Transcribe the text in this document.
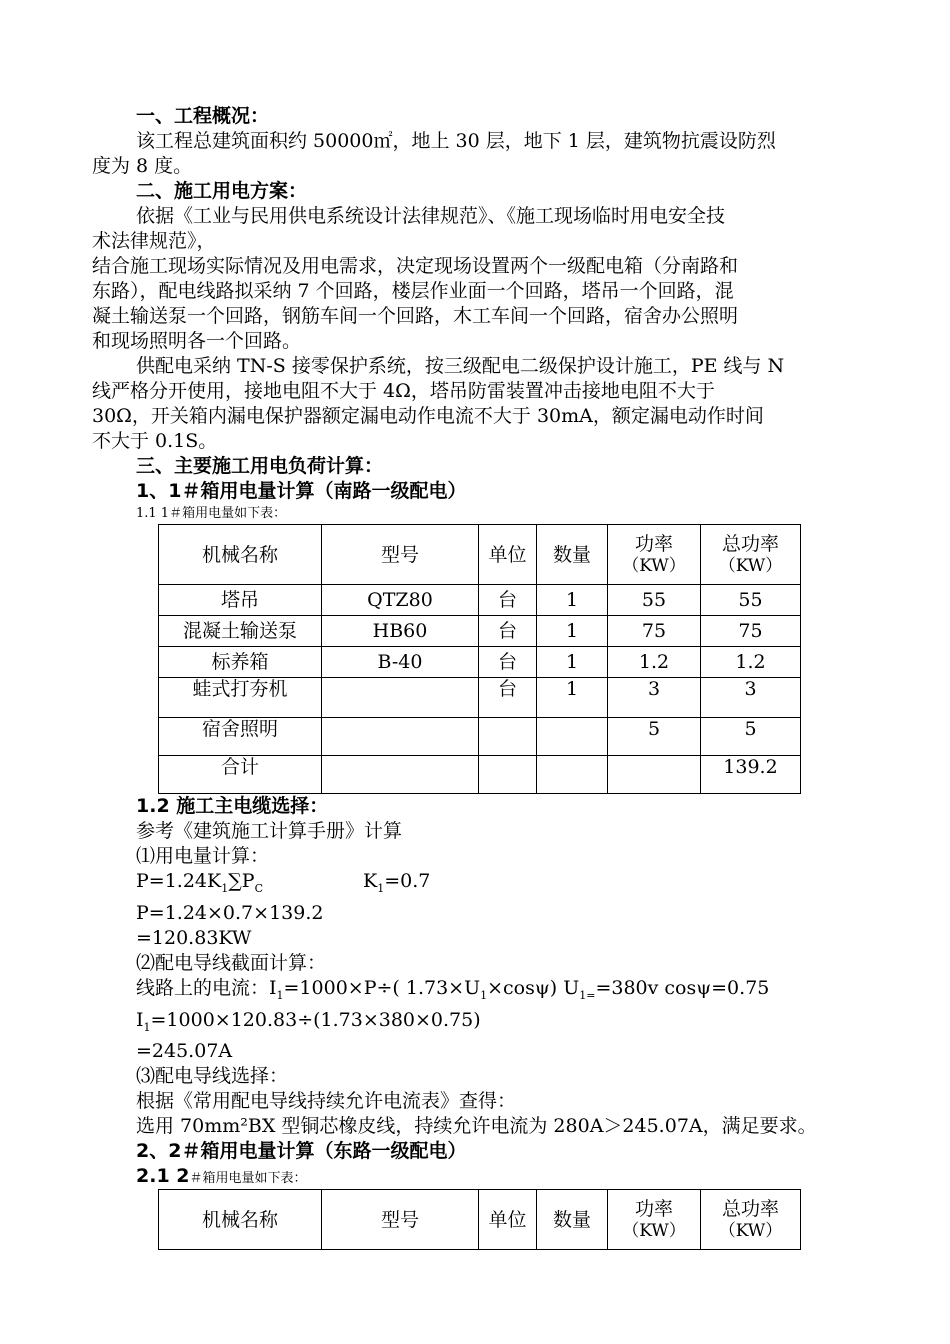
一、工程概况：
该工程总建筑面积约 50000㎡，地上 30 层，地下 1 层，建筑物抗震设防烈
度为 8 度。
二、施工用电方案：
依据《工业与民用供电系统设计法律规范》、《施工现场临时用电安全技
术法律规范》，
结合施工现场实际情况及用电需求，决定现场设置两个一级配电箱（分南路和
东路），配电线路拟采纳 7 个回路，楼层作业面一个回路，塔吊一个回路，混
凝土输送泵一个回路，钢筋车间一个回路，木工车间一个回路，宿舍办公照明
和现场照明各一个回路。
供配电采纳 TN-S 接零保护系统，按三级配电二级保护设计施工，PE 线与 N
线严格分开使用，接地电阻不大于 4Ω，塔吊防雷装置冲击接地电阻不大于
30Ω，开关箱内漏电保护器额定漏电动作电流不大于 30mA，额定漏电动作时间
不大于 0.1S。
三、主要施工用电负荷计算：
1、1＃箱用电量计算（南路一级配电）
1.1 1＃箱用电量如下表：
机械名称	型号	单位	数量	功率
（KW）	总功率
（KW）

塔吊	QTZ80	台	1	55	55
混凝土输送泵	HB60	台	1	75	75
标养箱	B-40	台	1	1.2	1.2
蛙式打夯机		台	1	3	3
宿舍照明				5	5
合计					139.2
1.2 施工主电缆选择：
参考《建筑施工计算手册》计算
⑴用电量计算：
$P=1.24K_1\sum P_C$	$K_1=0.7$
P=1.24×0.7×139.2
=120.83KW
⑵配电导线截面计算：
线路上的电流：$I_1=1000\times P\div$( $1.73\times U_1\times\cos\psi$) $U_{1=}=380v$ cosψ=0.75
$I_1=1000\times 120.83\div(1.73\times 380\times 0.75)$
=245.07A
⑶配电导线选择：
根据《常用配电导线持续允许电流表》查得：
选用 70mm²BX 型铜芯橡皮线，持续允许电流为 280A＞245.07A，满足要求。
2、2＃箱用电量计算（东路一级配电）
2.1 2＃箱用电量如下表：
机械名称	型号	单位	数量	功率
（KW）
	总功率
（KW）
